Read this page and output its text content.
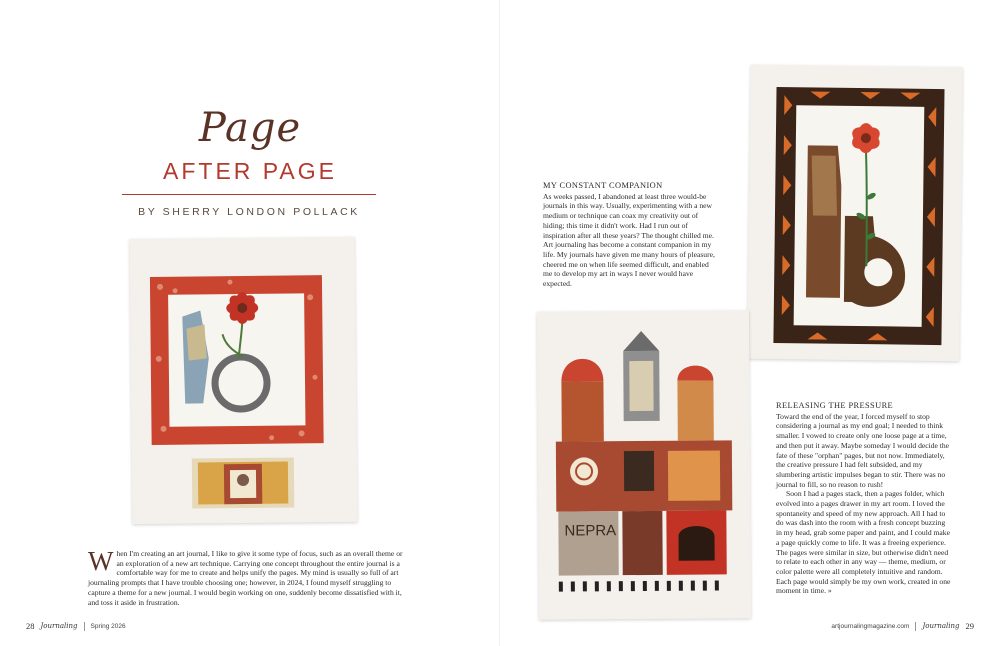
Page
AFTER PAGE
BY SHERRY LONDON POLLACK
NEPRA
When I'm creating an art journal, I like to give it some type of focus, such as an overall theme or an exploration of a new art technique. Carrying one concept throughout the entire journal is a comfortable way for me to create and helps unify the pages. My mind is usually so full of art journaling prompts that I have trouble choosing one; however, in 2024, I found myself struggling to capture a theme for a new journal. I would begin working on one, suddenly become dissatisfied with it, and toss it aside in frustration.
MY CONSTANT COMPANION

As weeks passed, I abandoned at least three would-be journals in this way. Usually, experimenting with a new medium or technique can coax my creativity out of hiding; this time it didn't work. Had I run out of inspiration after all these years? The thought chilled me. Art journaling has become a constant companion in my life. My journals have given me many hours of pleasure, cheered me on when life seemed difficult, and enabled me to develop my art in ways I never would have expected.

RELEASING THE PRESSURE

Toward the end of the year, I forced myself to stop considering a journal as my end goal; I needed to think smaller. I vowed to create only one loose page at a time, and then put it away. Maybe someday I would decide the fate of these "orphan" pages, but not now. Immediately, the creative pressure I had felt subsided, and my slumbering artistic impulses began to stir. There was no journal to fill, so no reason to rush!

Soon I had a pages stack, then a pages folder, which evolved into a pages drawer in my art room. I loved the spontaneity and speed of my new approach. All I had to do was dash into the room with a fresh concept buzzing in my head, grab some paper and paint, and I could make a page quickly come to life. It was a freeing experience. The pages were similar in size, but otherwise didn't need to relate to each other in any way — theme, medium, or color palette were all completely intuitive and random. Each page would simply be my own work, created in one moment in time. »

28 Journaling Spring 2026	artjournalingmagazine.com Journaling 29
